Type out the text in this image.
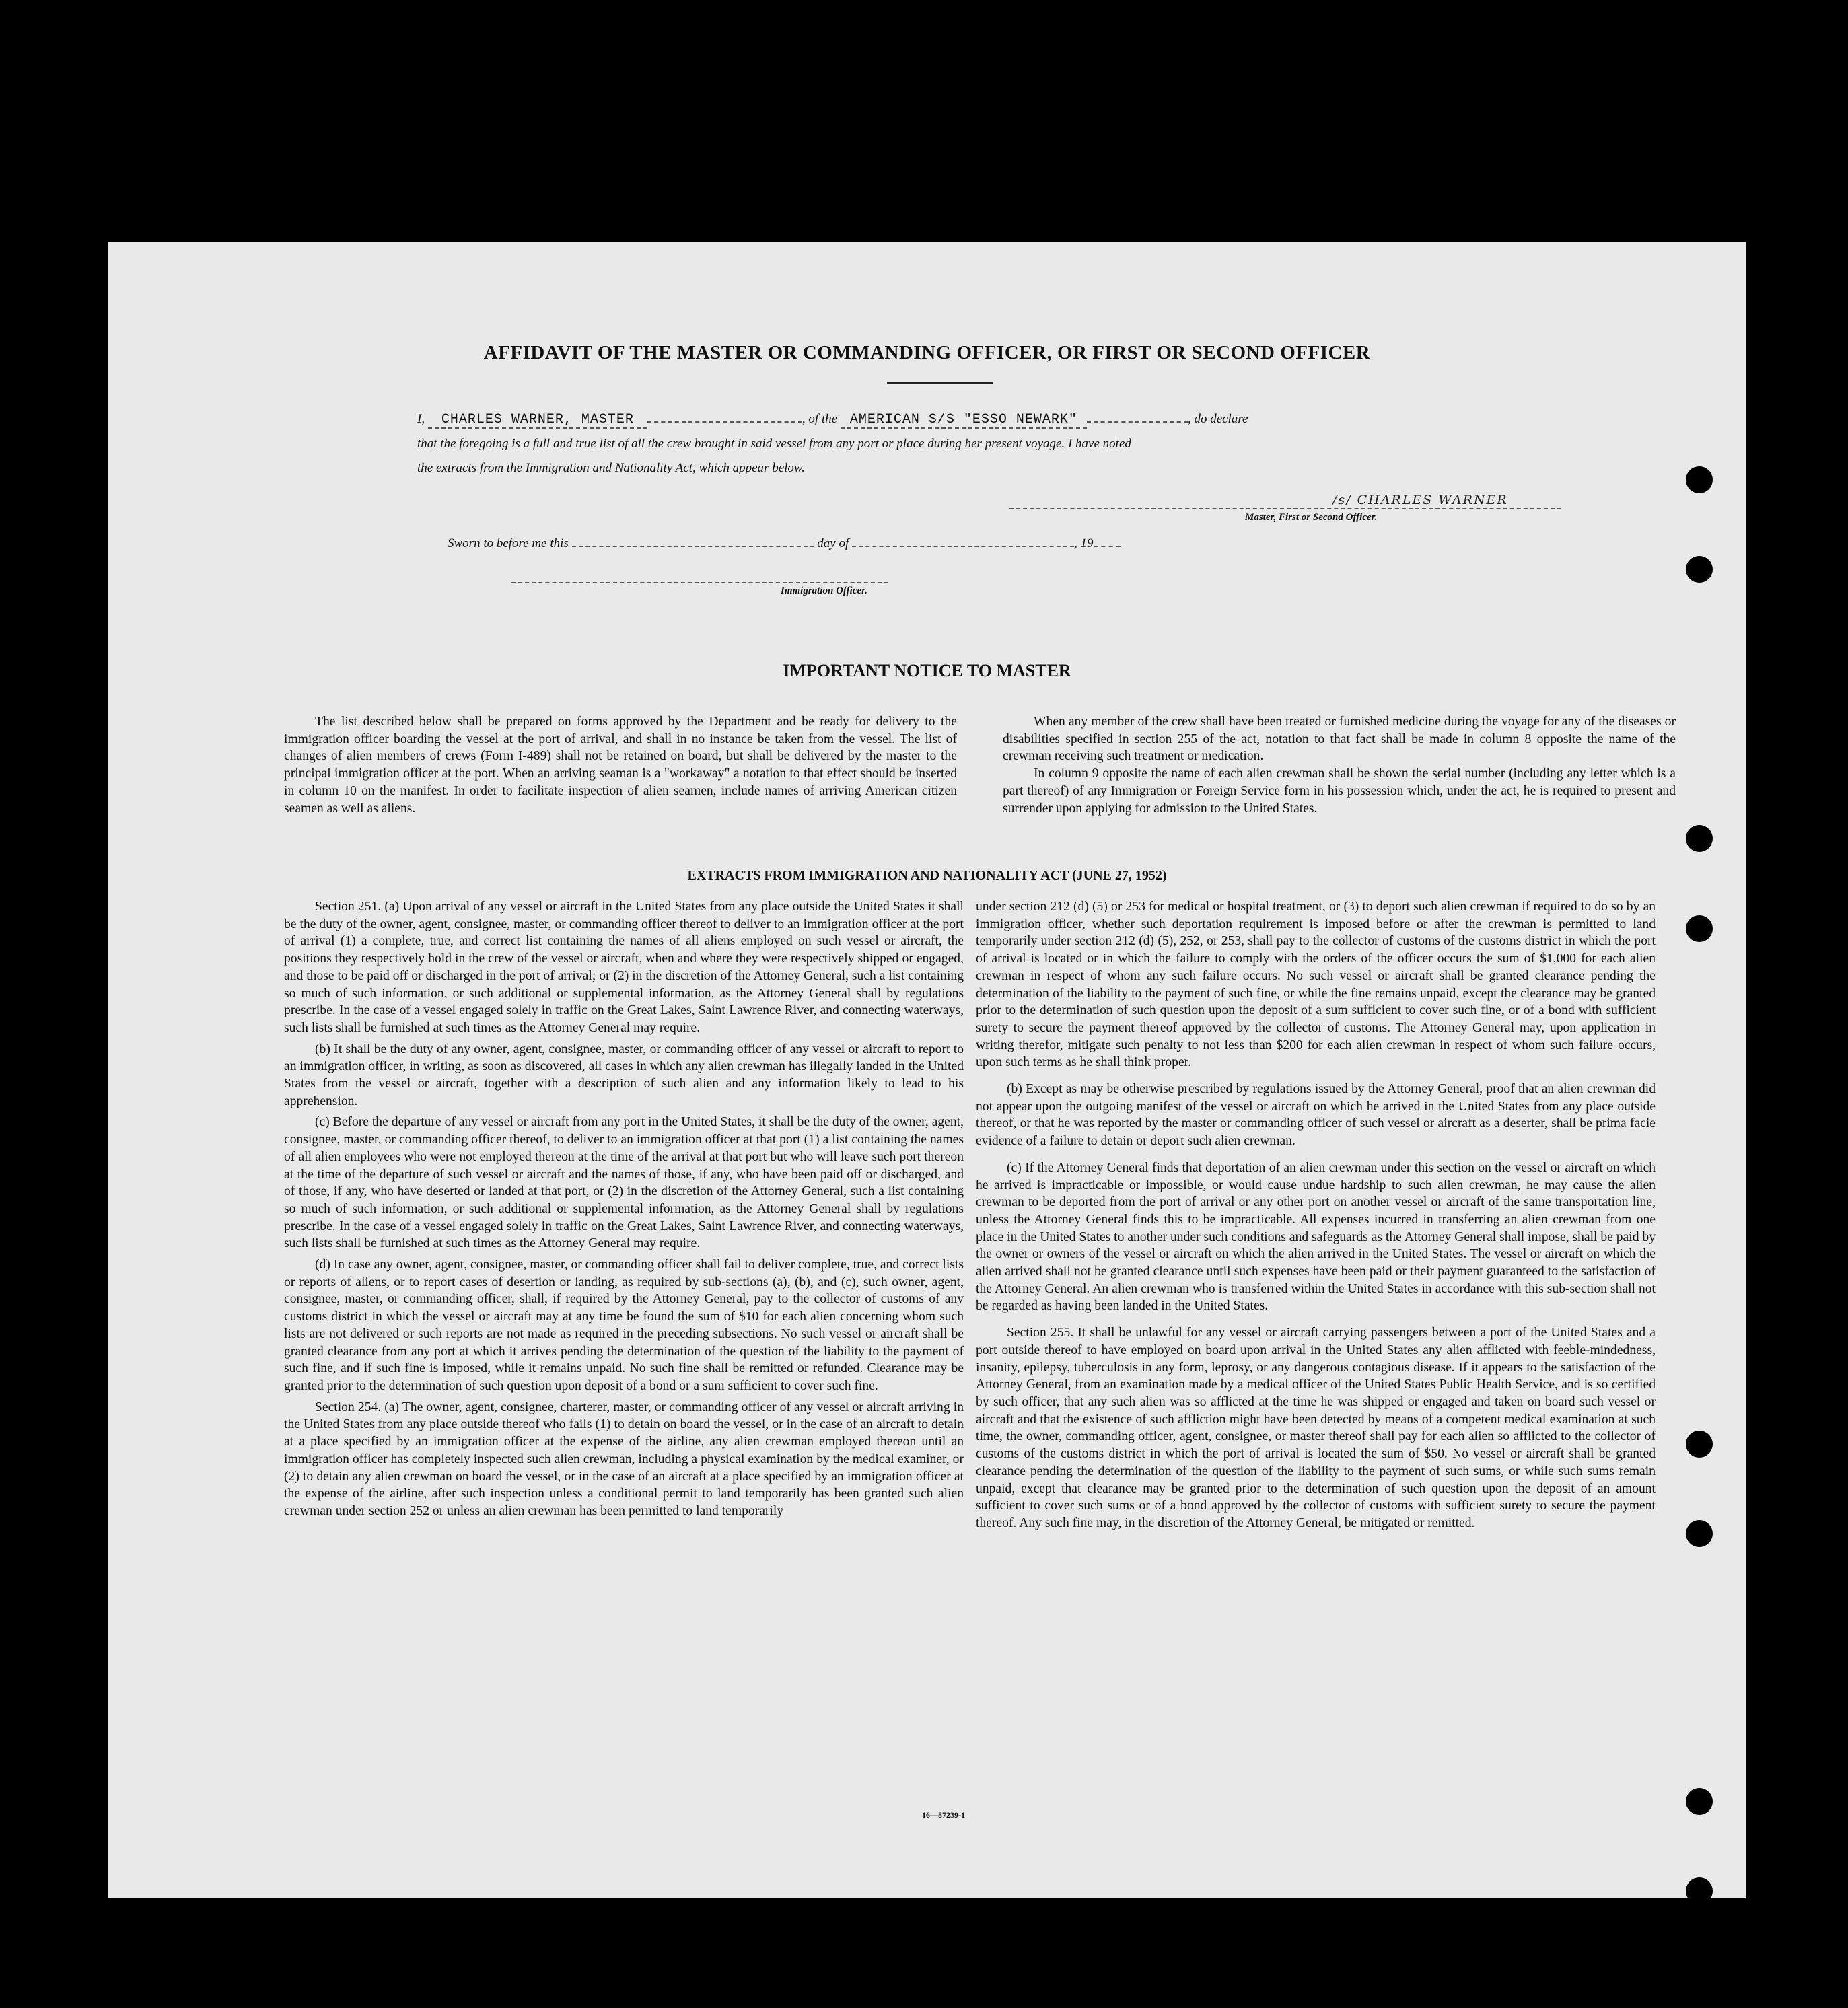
AFFIDAVIT OF THE MASTER OR COMMANDING OFFICER, OR FIRST OR SECOND OFFICER
I, CHARLES WARNER, MASTER	, of the AMERICAN S/S "ESSO NEWARK"	, do declare
that the foregoing is a full and true list of all the crew brought in said vessel from any port or place during her present voyage. I have noted
the extracts from the Immigration and Nationality Act, which appear below.
Master, First or Second Officer.
/s/ CHARLES WARNER
Sworn to before me this	day of	, 19
Immigration Officer.
IMPORTANT NOTICE TO MASTER

The list described below shall be prepared on forms approved by the Department and be ready for delivery to the immigration officer boarding the vessel at the port of arrival, and shall in no instance be taken from the vessel. The list of changes of alien members of crews (Form I-489) shall not be retained on board, but shall be delivered by the master to the principal immigration officer at the port. When an arriving seaman is a "workaway" a notation to that effect should be inserted in column 10 on the manifest. In order to facilitate inspection of alien seamen, include names of arriving American citizen seamen as well as aliens.

When any member of the crew shall have been treated or furnished medicine during the voyage for any of the diseases or disabilities specified in section 255 of the act, notation to that fact shall be made in column 8 opposite the name of the crewman receiving such treatment or medication.

In column 9 opposite the name of each alien crewman shall be shown the serial number (including any letter which is a part thereof) of any Immigration or Foreign Service form in his possession which, under the act, he is required to present and surrender upon applying for admission to the United States.

EXTRACTS FROM IMMIGRATION AND NATIONALITY ACT (JUNE 27, 1952)

Section 251. (a) Upon arrival of any vessel or aircraft in the United States from any place outside the United States it shall be the duty of the owner, agent, consignee, master, or commanding officer thereof to deliver to an immigration officer at the port of arrival (1) a complete, true, and correct list containing the names of all aliens employed on such vessel or aircraft, the positions they respectively hold in the crew of the vessel or aircraft, when and where they were respectively shipped or engaged, and those to be paid off or discharged in the port of arrival; or (2) in the discretion of the Attorney General, such a list containing so much of such information, or such additional or supplemental information, as the Attorney General shall by regulations prescribe. In the case of a vessel engaged solely in traffic on the Great Lakes, Saint Lawrence River, and connecting waterways, such lists shall be furnished at such times as the Attorney General may require.

(b) It shall be the duty of any owner, agent, consignee, master, or commanding officer of any vessel or aircraft to report to an immigration officer, in writing, as soon as discovered, all cases in which any alien crewman has illegally landed in the United States from the vessel or aircraft, together with a description of such alien and any information likely to lead to his apprehension.

(c) Before the departure of any vessel or aircraft from any port in the United States, it shall be the duty of the owner, agent, consignee, master, or commanding officer thereof, to deliver to an immigration officer at that port (1) a list containing the names of all alien employees who were not employed thereon at the time of the arrival at that port but who will leave such port thereon at the time of the departure of such vessel or aircraft and the names of those, if any, who have been paid off or discharged, and of those, if any, who have deserted or landed at that port, or (2) in the discretion of the Attorney General, such a list containing so much of such information, or such additional or supplemental information, as the Attorney General shall by regulations prescribe. In the case of a vessel engaged solely in traffic on the Great Lakes, Saint Lawrence River, and connecting waterways, such lists shall be furnished at such times as the Attorney General may require.

(d) In case any owner, agent, consignee, master, or commanding officer shall fail to deliver complete, true, and correct lists or reports of aliens, or to report cases of desertion or landing, as required by sub-sections (a), (b), and (c), such owner, agent, consignee, master, or commanding officer, shall, if required by the Attorney General, pay to the collector of customs of any customs district in which the vessel or aircraft may at any time be found the sum of $10 for each alien concerning whom such lists are not delivered or such reports are not made as required in the preceding subsections. No such vessel or aircraft shall be granted clearance from any port at which it arrives pending the determination of the question of the liability to the payment of such fine, and if such fine is imposed, while it remains unpaid. No such fine shall be remitted or refunded. Clearance may be granted prior to the determination of such question upon deposit of a bond or a sum sufficient to cover such fine.

Section 254. (a) The owner, agent, consignee, charterer, master, or commanding officer of any vessel or aircraft arriving in the United States from any place outside thereof who fails (1) to detain on board the vessel, or in the case of an aircraft to detain at a place specified by an immigration officer at the expense of the airline, any alien crewman employed thereon until an immigration officer has completely inspected such alien crewman, including a physical examination by the medical examiner, or (2) to detain any alien crewman on board the vessel, or in the case of an aircraft at a place specified by an immigration officer at the expense of the airline, after such inspection unless a conditional permit to land temporarily has been granted such alien crewman under section 252 or unless an alien crewman has been permitted to land temporarily

under section 212 (d) (5) or 253 for medical or hospital treatment, or (3) to deport such alien crewman if required to do so by an immigration officer, whether such deportation requirement is imposed before or after the crewman is permitted to land temporarily under section 212 (d) (5), 252, or 253, shall pay to the collector of customs of the customs district in which the port of arrival is located or in which the failure to comply with the orders of the officer occurs the sum of $1,000 for each alien crewman in respect of whom any such failure occurs. No such vessel or aircraft shall be granted clearance pending the determination of the liability to the payment of such fine, or while the fine remains unpaid, except the clearance may be granted prior to the determination of such question upon the deposit of a sum sufficient to cover such fine, or of a bond with sufficient surety to secure the payment thereof approved by the collector of customs. The Attorney General may, upon application in writing therefor, mitigate such penalty to not less than $200 for each alien crewman in respect of whom such failure occurs, upon such terms as he shall think proper.

(b) Except as may be otherwise prescribed by regulations issued by the Attorney General, proof that an alien crewman did not appear upon the outgoing manifest of the vessel or aircraft on which he arrived in the United States from any place outside thereof, or that he was reported by the master or commanding officer of such vessel or aircraft as a deserter, shall be prima facie evidence of a failure to detain or deport such alien crewman.

(c) If the Attorney General finds that deportation of an alien crewman under this section on the vessel or aircraft on which he arrived is impracticable or impossible, or would cause undue hardship to such alien crewman, he may cause the alien crewman to be deported from the port of arrival or any other port on another vessel or aircraft of the same transportation line, unless the Attorney General finds this to be impracticable. All expenses incurred in transferring an alien crewman from one place in the United States to another under such conditions and safeguards as the Attorney General shall impose, shall be paid by the owner or owners of the vessel or aircraft on which the alien arrived in the United States. The vessel or aircraft on which the alien arrived shall not be granted clearance until such expenses have been paid or their payment guaranteed to the satisfaction of the Attorney General. An alien crewman who is transferred within the United States in accordance with this sub-section shall not be regarded as having been landed in the United States.

Section 255. It shall be unlawful for any vessel or aircraft carrying passengers between a port of the United States and a port outside thereof to have employed on board upon arrival in the United States any alien afflicted with feeble-mindedness, insanity, epilepsy, tuberculosis in any form, leprosy, or any dangerous contagious disease. If it appears to the satisfaction of the Attorney General, from an examination made by a medical officer of the United States Public Health Service, and is so certified by such officer, that any such alien was so afflicted at the time he was shipped or engaged and taken on board such vessel or aircraft and that the existence of such affliction might have been detected by means of a competent medical examination at such time, the owner, commanding officer, agent, consignee, or master thereof shall pay for each alien so afflicted to the collector of customs of the customs district in which the port of arrival is located the sum of $50. No vessel or aircraft shall be granted clearance pending the determination of the question of the liability to the payment of such sums, or while such sums remain unpaid, except that clearance may be granted prior to the determination of such question upon the deposit of an amount sufficient to cover such sums or of a bond approved by the collector of customs with sufficient surety to secure the payment thereof. Any such fine may, in the discretion of the Attorney General, be mitigated or remitted.

16—87239-1
